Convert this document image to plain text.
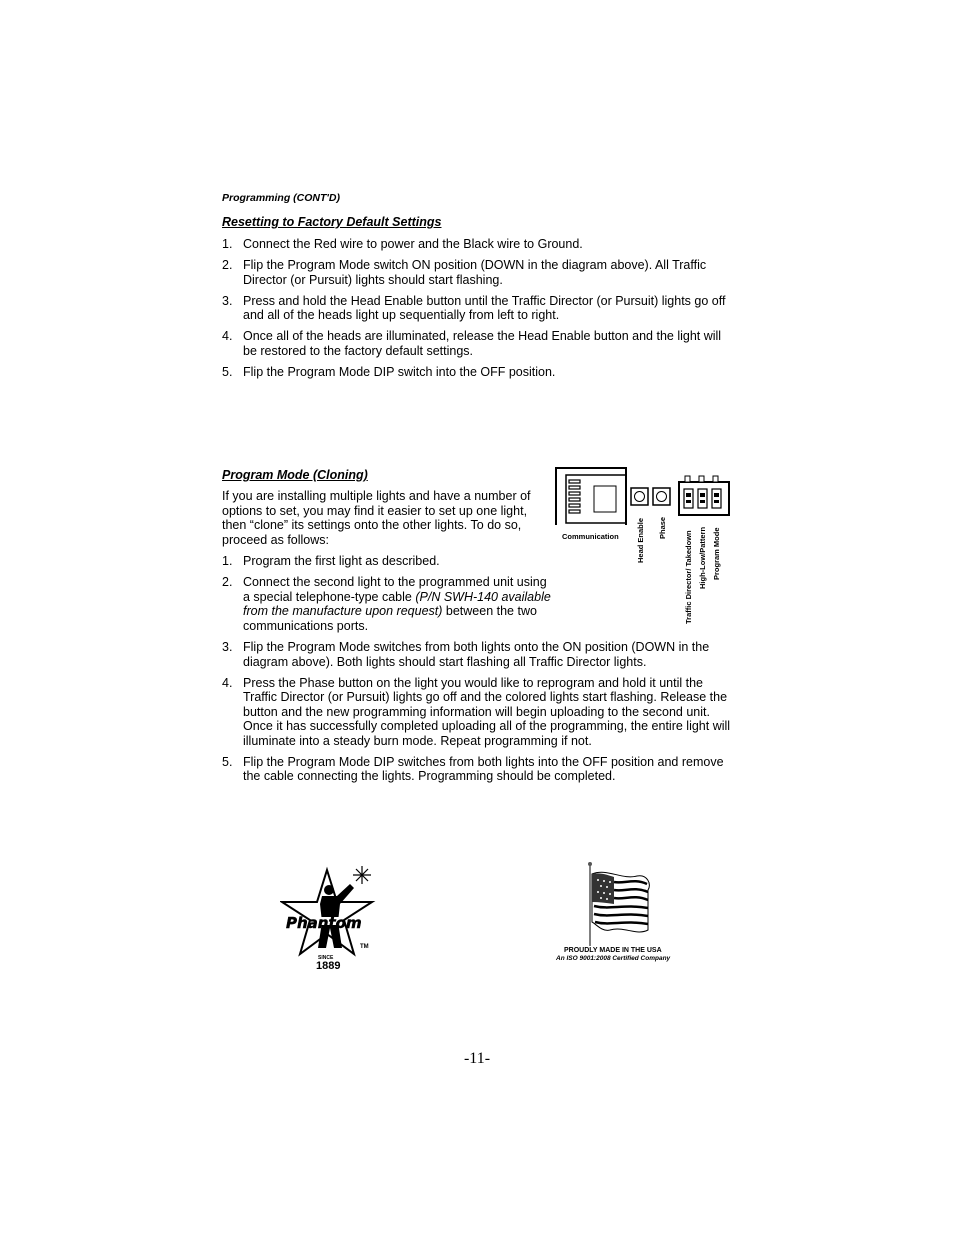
Programming (CONT'D)
Resetting to Factory Default Settings
1. Connect the Red wire to power and the Black wire to Ground.
2. Flip the Program Mode switch ON position (DOWN in the diagram above). All Traffic Director (or Pursuit) lights should start flashing.
3. Press and hold the Head Enable button until the Traffic Director (or Pursuit) lights go off and all of the heads light up sequentially from left to right.
4. Once all of the heads are illuminated, release the Head Enable button and the light will be restored to the factory default settings.
5. Flip the Program Mode DIP switch into the OFF position.
Program Mode (Cloning)
If you are installing multiple lights and have a number of options to set, you may find it easier to set up one light, then “clone” its settings onto the other lights. To do so, proceed as follows:
1. Program the first light as described.
2. Connect the second light to the programmed unit using a special telephone-type cable (P/N SWH-140 available from the manufacture upon request) between the two communications ports.
3. Flip the Program Mode switches from both lights onto the ON position (DOWN in the diagram above). Both lights should start flashing all Traffic Director lights.
4. Press the Phase button on the light you would like to reprogram and hold it until the Traffic Director (or Pursuit) lights go off and the colored lights start flashing. Release the button and the new programming information will begin uploading to the second unit. Once it has successfully completed uploading all of the programming, the entire light will illuminate into a steady burn mode. Repeat programming if not.
5. Flip the Program Mode DIP switches from both lights into the OFF position and remove the cable connecting the lights. Programming should be completed.
Communication Head Enable Phase
Traffic Director/ Takedown High-Low/Pattern Program Mode
Phantom
TM
SINCE
1889
PROUDLY MADE IN THE USA
An ISO 9001:2008 Certified Company
-11-
